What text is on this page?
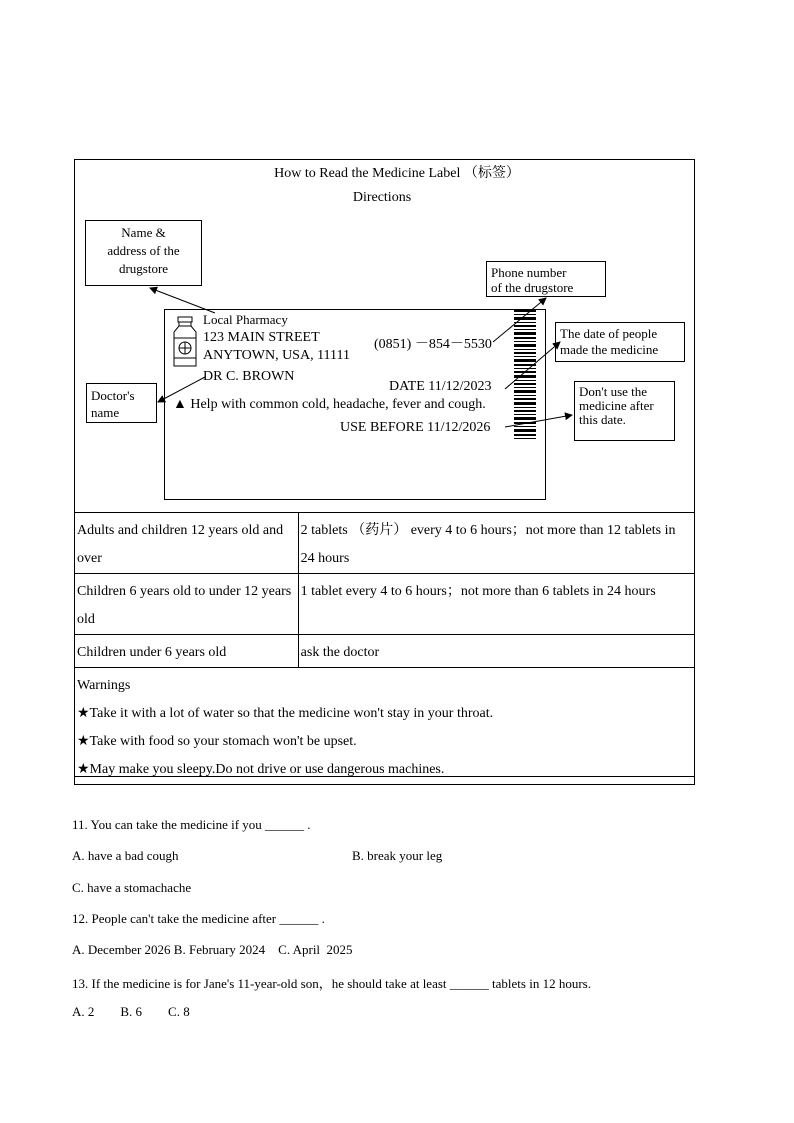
How to Read the Medicine Label （标签）
Directions
Name &
address of the
drugstore	Phone number
of the drugstore
The date of people
made the medicine
Doctor's
name
Don't use the
medicine after
this date.
Local Pharmacy
123 MAIN STREET
ANYTOWN, USA, 11111
DR C. BROWN
(0851) －854－5530
DATE 11/12/2023
▲ Help with common cold, headache, fever and cough.
USE BEFORE 11/12/2026
Adults and children 12 years old and over	2 tablets （药片） every 4 to 6 hours；not more than 12 tablets in 24 hours
Children 6 years old to under 12 years old	1 tablet every 4 to 6 hours；not more than 6 tablets in 24 hours
Children under 6 years old	ask the doctor

Warnings
★Take it with a lot of water so that the medicine won't stay in your throat.
★Take with food so your stomach won't be upset.
★May make you sleepy.Do not drive or use dangerous machines.	
11. You can take the medicine if you ______ .
A. have a bad cough	B. break your leg
C. have a stomachache
12. People can't take the medicine after ______ .
A. December 2026 B. February 2024    C. April  2025
13. If the medicine is for Jane's 11-year-old son，he should take at least ______ tablets in 12 hours.
A. 2        B. 6        C. 8
